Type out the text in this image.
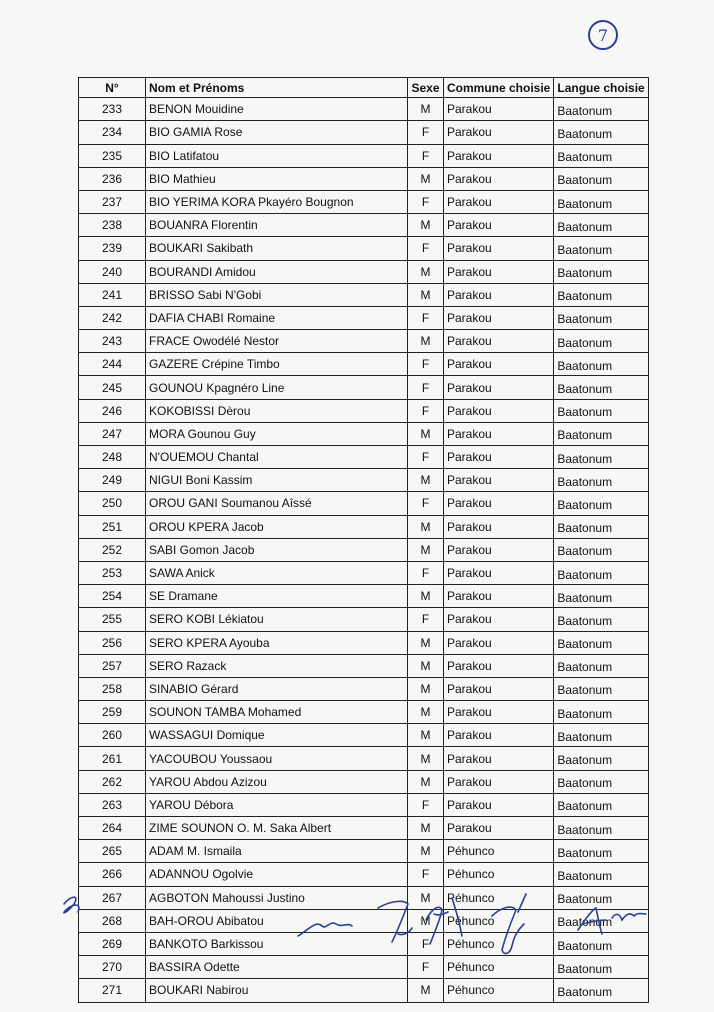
7
N°	Nom et Prénoms	Sexe	Commune choisie	Langue choisie
233	BENON Mouidine	M	Parakou	Baatonum
234	BIO GAMIA Rose	F	Parakou	Baatonum
235	BIO Latifatou	F	Parakou	Baatonum
236	BIO Mathieu	M	Parakou	Baatonum
237	BIO YERIMA KORA Pkayéro Bougnon	F	Parakou	Baatonum
238	BOUANRA Florentin	M	Parakou	Baatonum
239	BOUKARI Sakibath	F	Parakou	Baatonum
240	BOURANDI Amidou	M	Parakou	Baatonum
241	BRISSO Sabi N'Gobi	M	Parakou	Baatonum
242	DAFIA CHABI Romaine	F	Parakou	Baatonum
243	FRACE Owodélé Nestor	M	Parakou	Baatonum
244	GAZERE Crépine Timbo	F	Parakou	Baatonum
245	GOUNOU Kpagnéro Line	F	Parakou	Baatonum
246	KOKOBISSI Dèrou	F	Parakou	Baatonum
247	MORA Gounou Guy	M	Parakou	Baatonum
248	N'OUEMOU Chantal	F	Parakou	Baatonum
249	NIGUI Boni Kassim	M	Parakou	Baatonum
250	OROU GANI Soumanou Aîssé	F	Parakou	Baatonum
251	OROU KPERA Jacob	M	Parakou	Baatonum
252	SABI Gomon Jacob	M	Parakou	Baatonum
253	SAWA Anick	F	Parakou	Baatonum
254	SE Dramane	M	Parakou	Baatonum
255	SERO KOBI Lékiatou	F	Parakou	Baatonum
256	SERO KPERA Ayouba	M	Parakou	Baatonum
257	SERO Razack	M	Parakou	Baatonum
258	SINABIO Gérard	M	Parakou	Baatonum
259	SOUNON TAMBA Mohamed	M	Parakou	Baatonum
260	WASSAGUI Domique	M	Parakou	Baatonum
261	YACOUBOU Youssaou	M	Parakou	Baatonum
262	YAROU Abdou Azizou	M	Parakou	Baatonum
263	YAROU Débora	F	Parakou	Baatonum
264	ZIME SOUNON O. M. Saka Albert	M	Parakou	Baatonum
265	ADAM M. Ismaila	M	Péhunco	Baatonum
266	ADANNOU Ogolvie	F	Péhunco	Baatonum
267	AGBOTON Mahoussi Justino	M	Péhunco	Baatonum
268	BAH-OROU Abibatou	M	Péhunco	Baatonum
269	BANKOTO Barkissou	F	Péhunco	Baatonum
270	BASSIRA Odette	F	Péhunco	Baatonum
271	BOUKARI Nabirou	M	Péhunco	Baatonum
